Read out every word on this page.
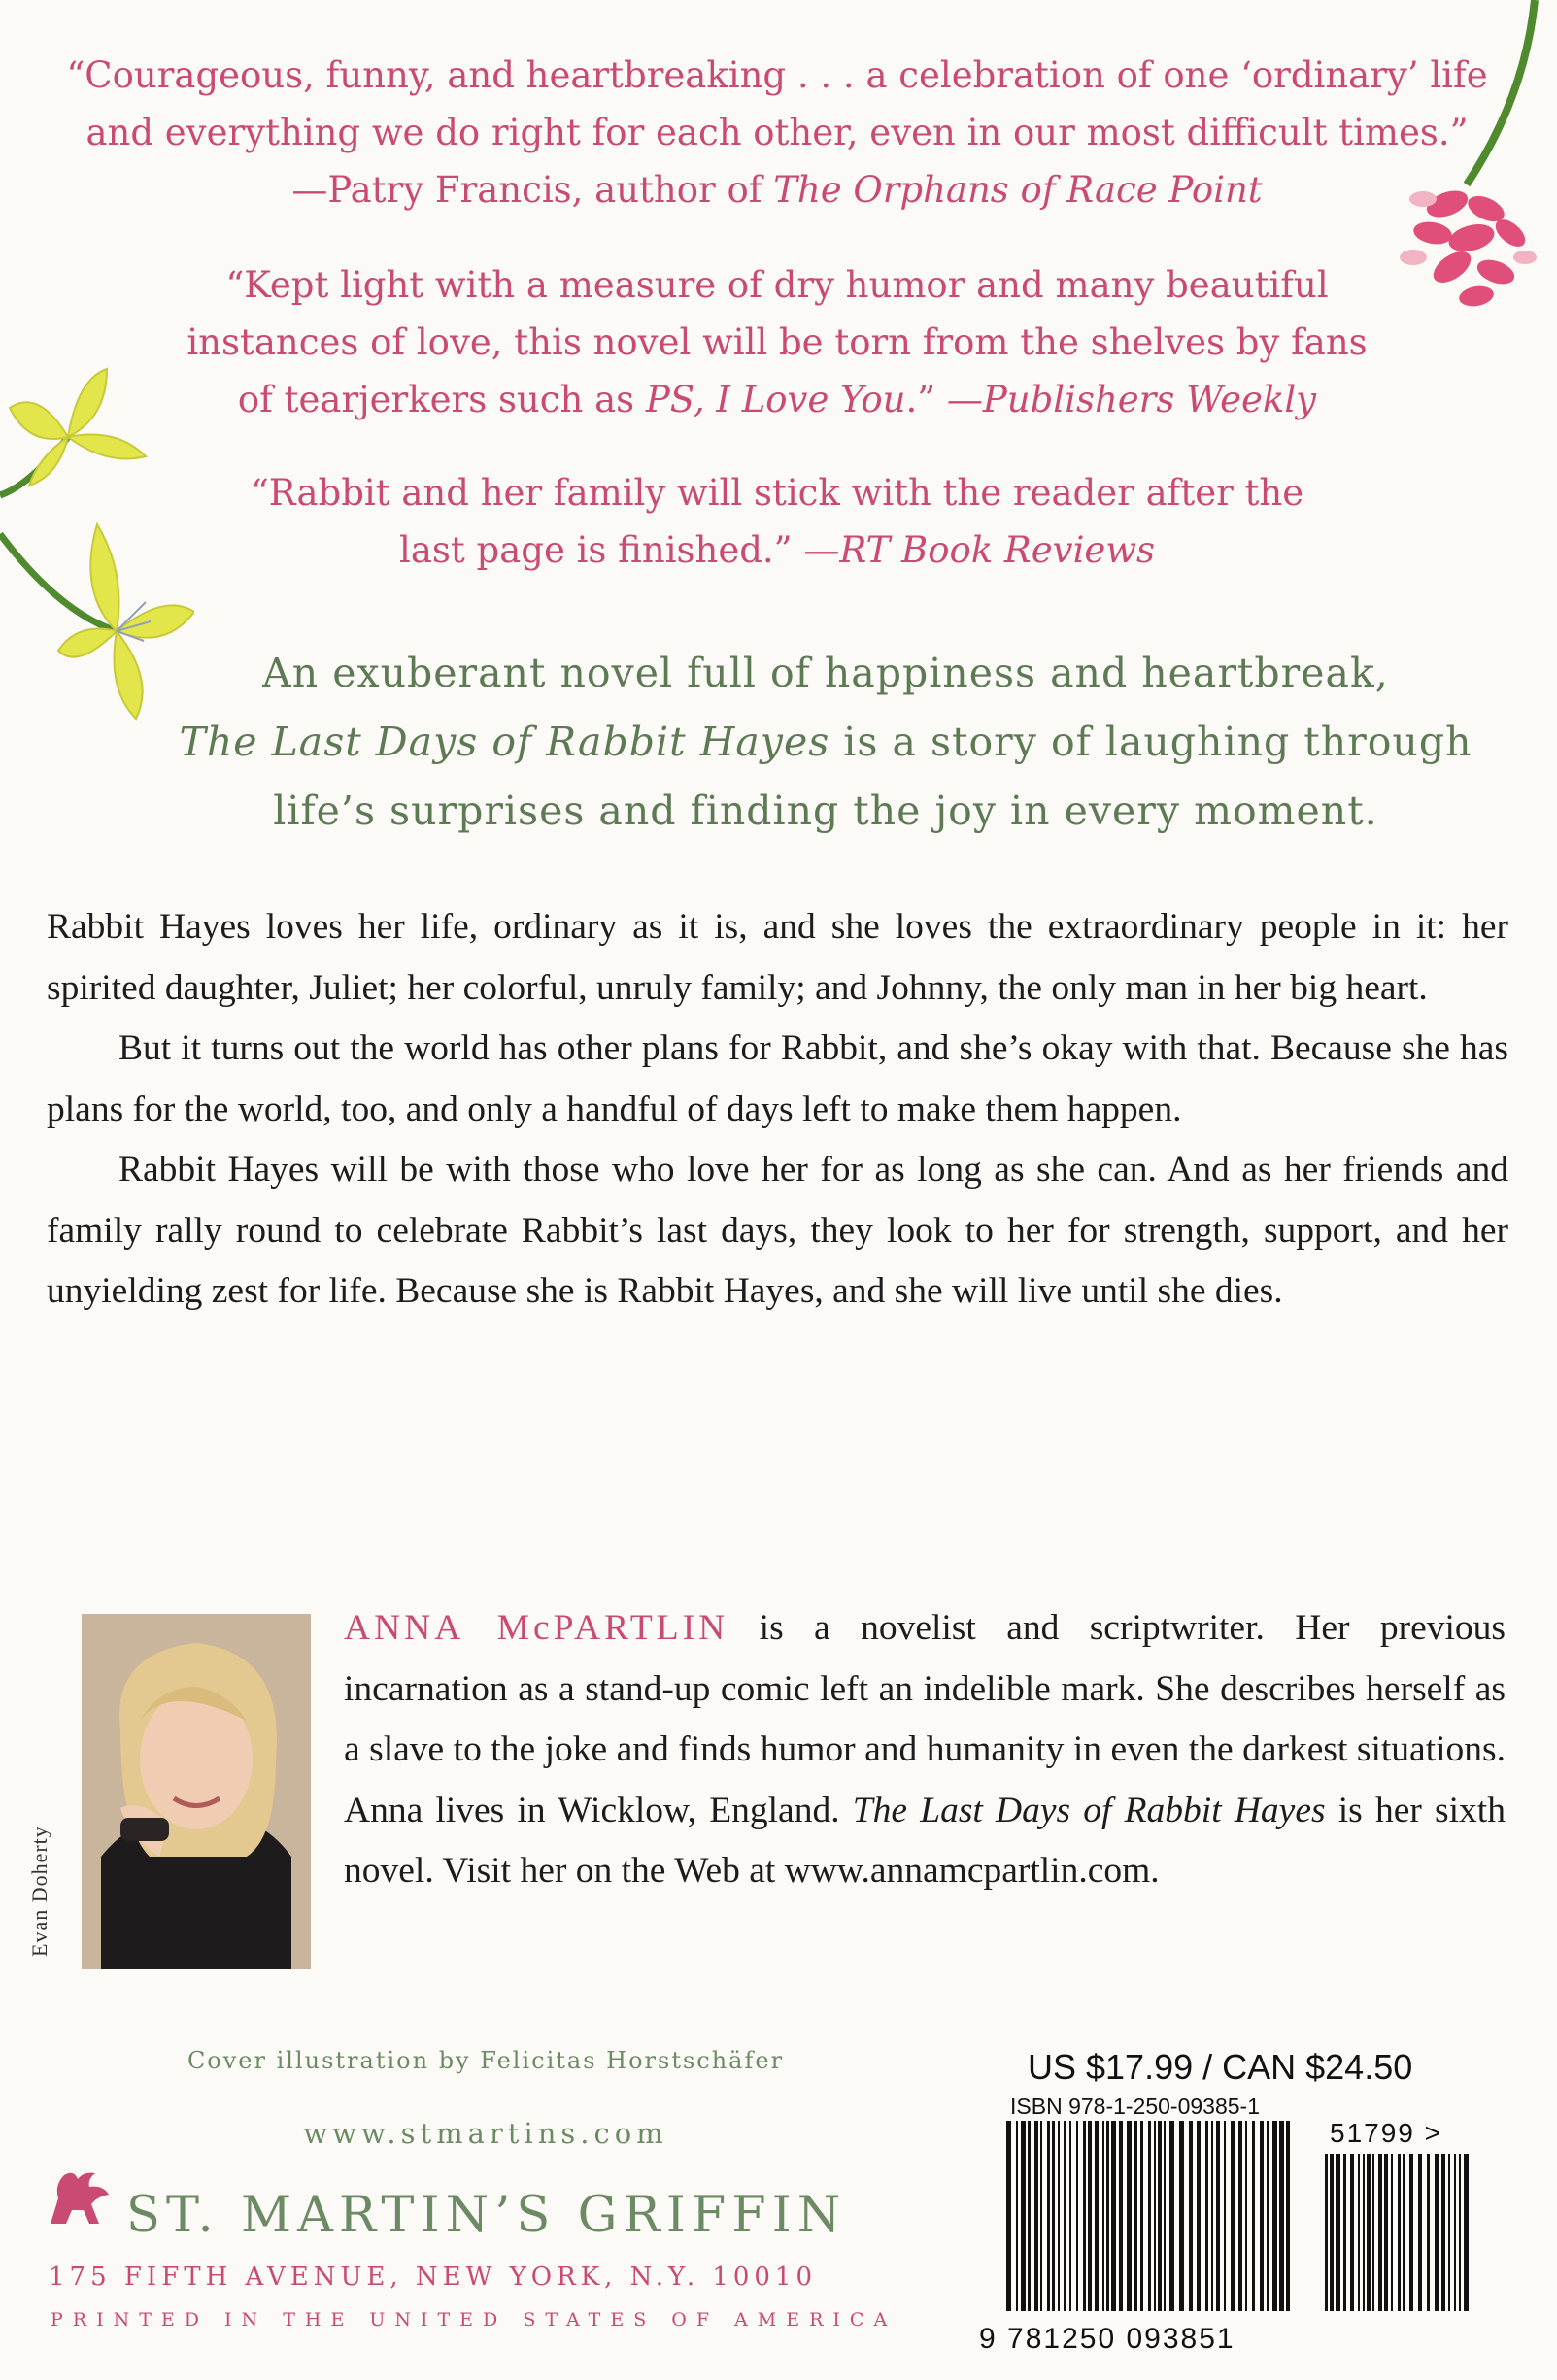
“Courageous, funny, and heartbreaking . . . a celebration of one ‘ordinary’ life
and everything we do right for each other, even in our most difficult times.”
—Patry Francis, author of The Orphans of Race Point
“Kept light with a measure of dry humor and many beautiful
instances of love, this novel will be torn from the shelves by fans
of tearjerkers such as PS, I Love You.” —Publishers Weekly
“Rabbit and her family will stick with the reader after the
last page is finished.” —RT Book Reviews
An exuberant novel full of happiness and heartbreak,
The Last Days of Rabbit Hayes is a story of laughing through
life’s surprises and finding the joy in every moment.

Rabbit Hayes loves her life, ordinary as it is, and she loves the extraordinary people in it: her spirited daughter, Juliet; her colorful, unruly family; and Johnny, the only man in her big heart.

But it turns out the world has other plans for Rabbit, and she’s okay with that. Because she has plans for the world, too, and only a handful of days left to make them happen.

Rabbit Hayes will be with those who love her for as long as she can. And as her friends and family rally round to celebrate Rabbit’s last days, they look to her for strength, support, and her unyielding zest for life. Because she is Rabbit Hayes, and she will live until she dies.

Evan Doherty
ANNA McPARTLIN is a novelist and scriptwriter. Her previous incarnation as a stand-up comic left an indelible mark. She describes herself as a slave to the joke and finds humor and humanity in even the darkest situations. Anna lives in Wicklow, England. The Last Days of Rabbit Hayes is her sixth novel. Visit her on the Web at www.annamcpartlin.com.
Cover illustration by Felicitas Horstschäfer
www.stmartins.com
ST. MARTIN’S GRIFFIN
175 FIFTH AVENUE, NEW YORK, N.Y. 10010
PRINTED IN THE UNITED STATES OF AMERICA
US $17.99 / CAN $24.50
ISBN 978-1-250-09385-1
51799 >
9 781250 093851
